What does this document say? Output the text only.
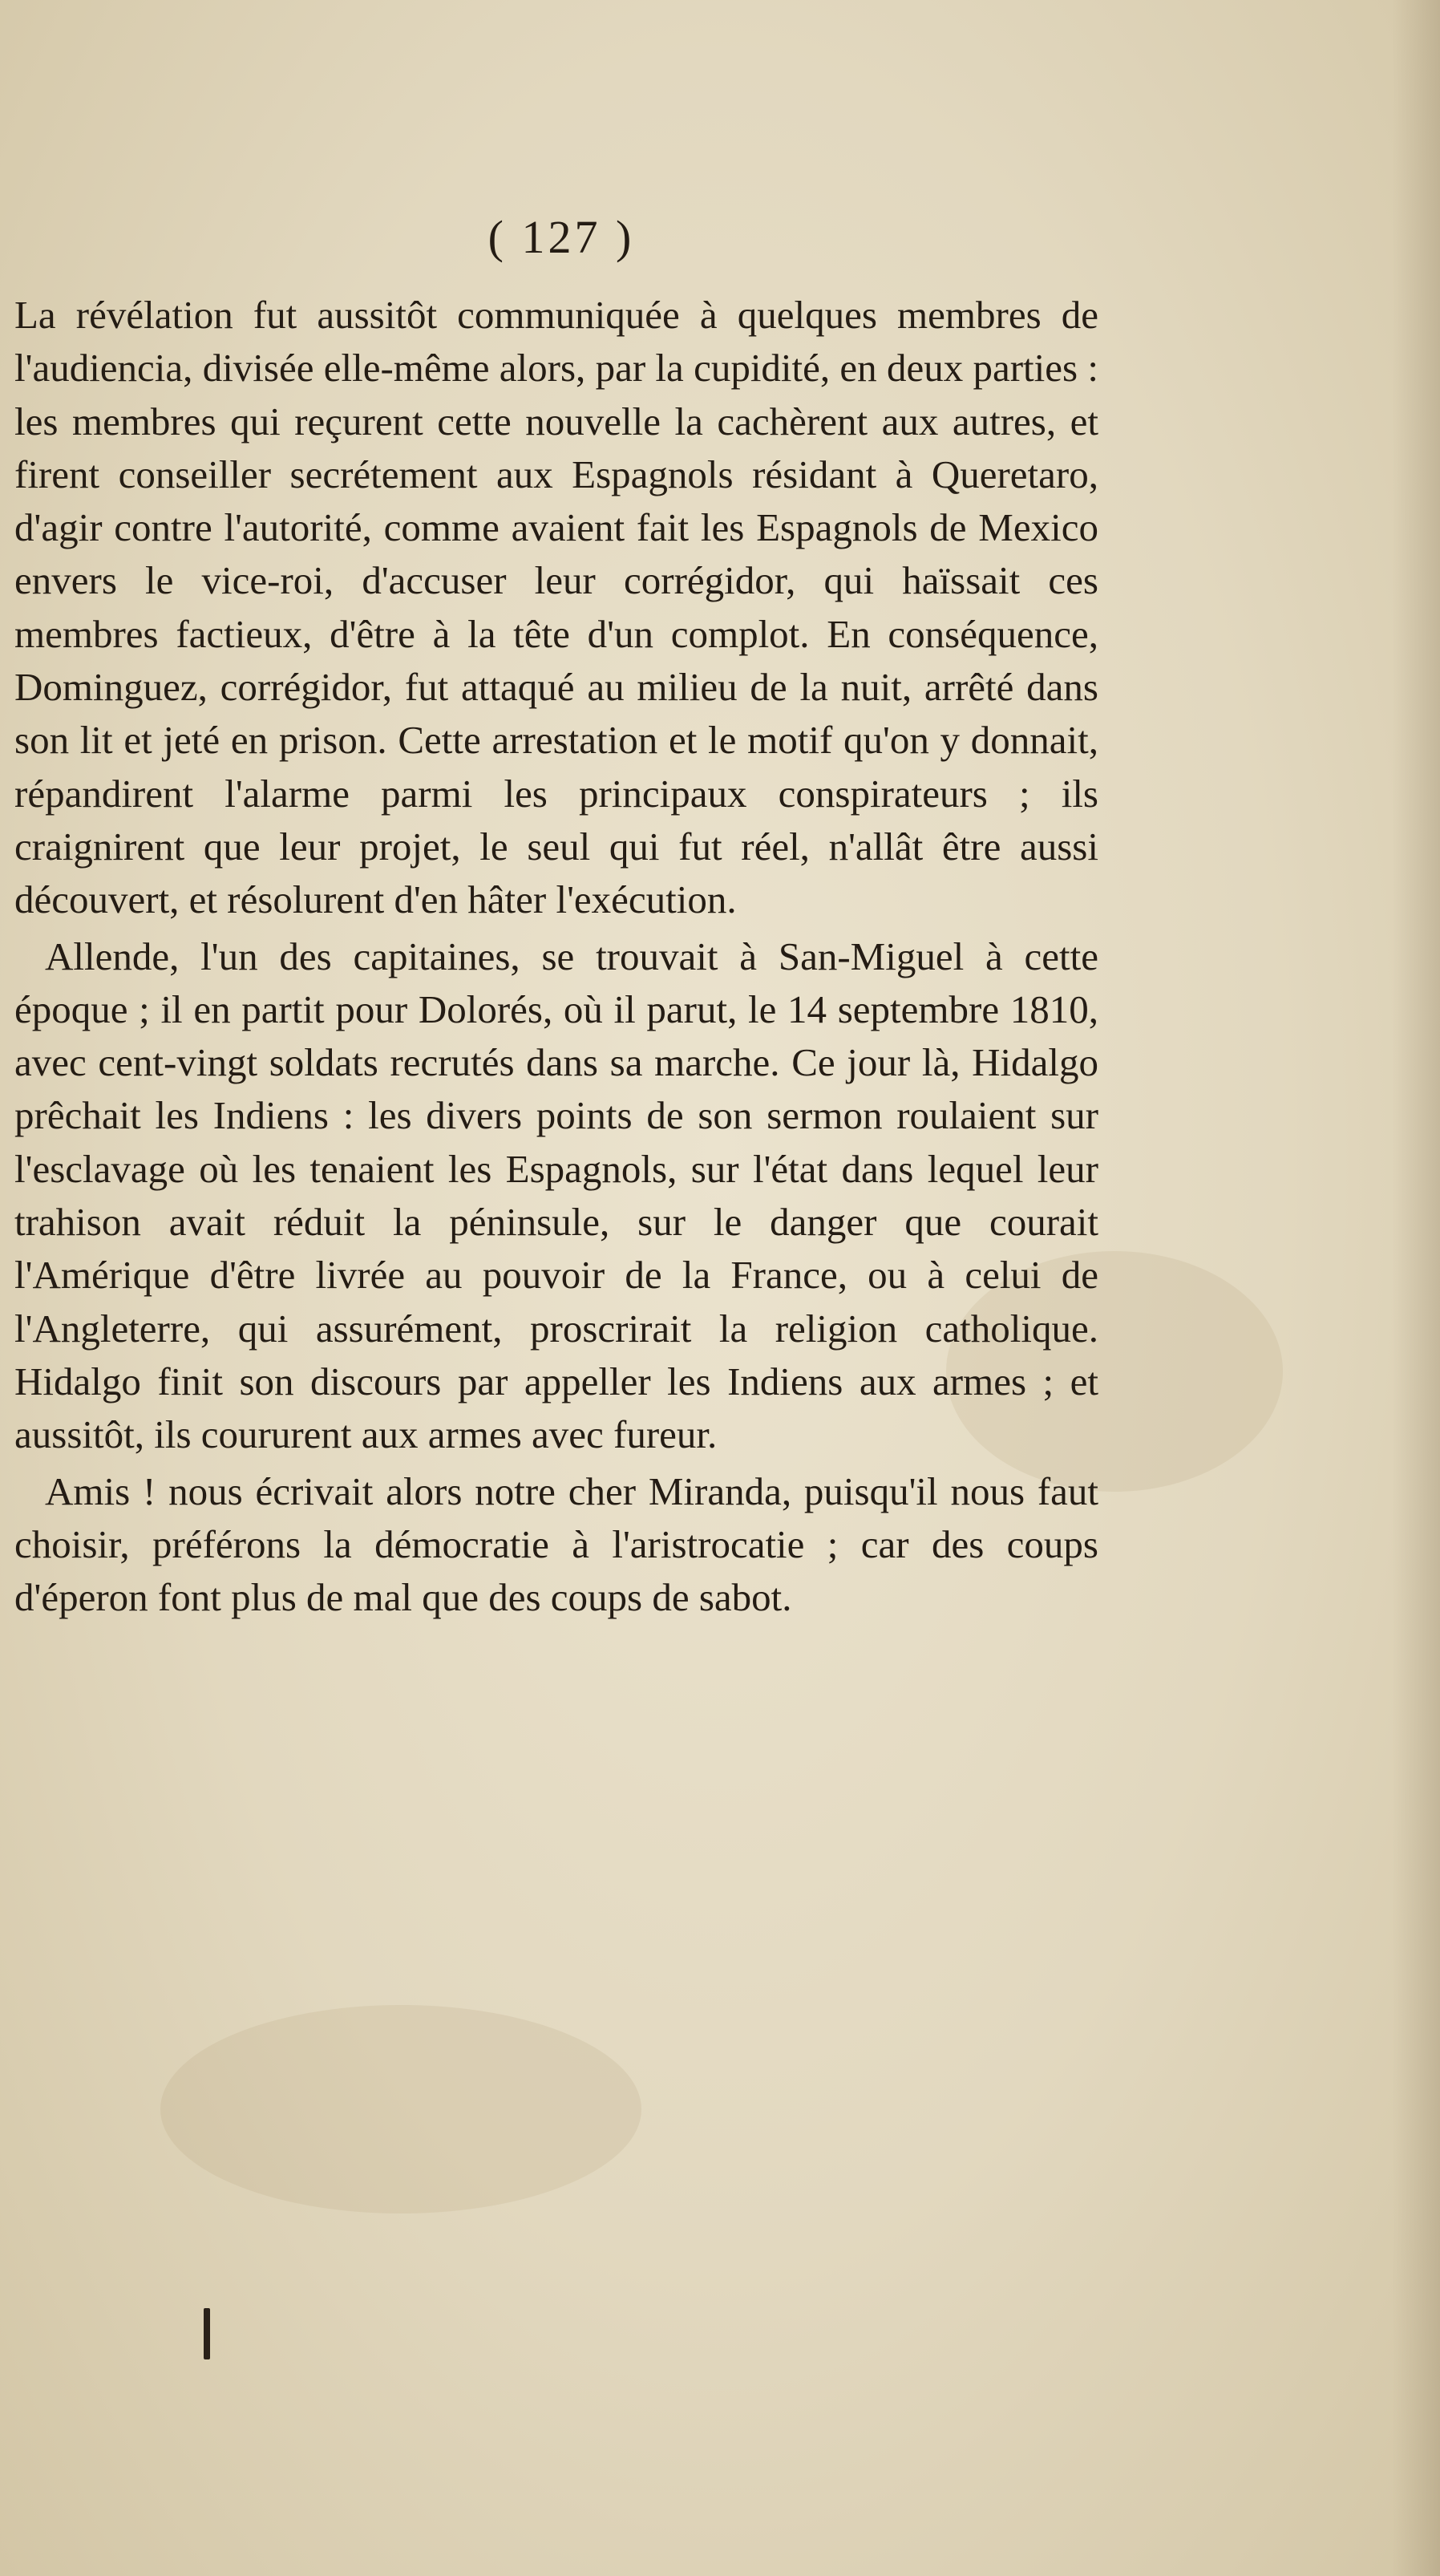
( 127 )

La révélation fut aussitôt communiquée à quelques membres de l'audiencia, divisée elle-même alors, par la cupidité, en deux parties : les membres qui reçurent cette nouvelle la cachèrent aux autres, et firent conseiller secrétement aux Espagnols résidant à Queretaro, d'agir contre l'autorité, comme avaient fait les Espagnols de Mexico envers le vice-roi, d'accuser leur corrégidor, qui haïssait ces membres factieux, d'être à la tête d'un complot. En conséquence, Dominguez, corrégidor, fut attaqué au milieu de la nuit, arrêté dans son lit et jeté en prison. Cette arrestation et le motif qu'on y donnait, répandirent l'alarme parmi les principaux conspirateurs ; ils craignirent que leur projet, le seul qui fut réel, n'allât être aussi découvert, et résolurent d'en hâter l'exécution.

Allende, l'un des capitaines, se trouvait à San-Miguel à cette époque ; il en partit pour Dolorés, où il parut, le 14 septembre 1810, avec cent-vingt soldats recrutés dans sa marche. Ce jour là, Hidalgo prêchait les Indiens : les divers points de son sermon roulaient sur l'esclavage où les tenaient les Espagnols, sur l'état dans lequel leur trahison avait réduit la péninsule, sur le danger que courait l'Amérique d'être livrée au pouvoir de la France, ou à celui de l'Angleterre, qui assurément, proscrirait la religion catholique. Hidalgo finit son discours par appeller les Indiens aux armes ; et aussitôt, ils coururent aux armes avec fureur.

Amis ! nous écrivait alors notre cher Miranda, puisqu'il nous faut choisir, préférons la démocratie à l'aristrocatie ; car des coups d'éperon font plus de mal que des coups de sabot.
